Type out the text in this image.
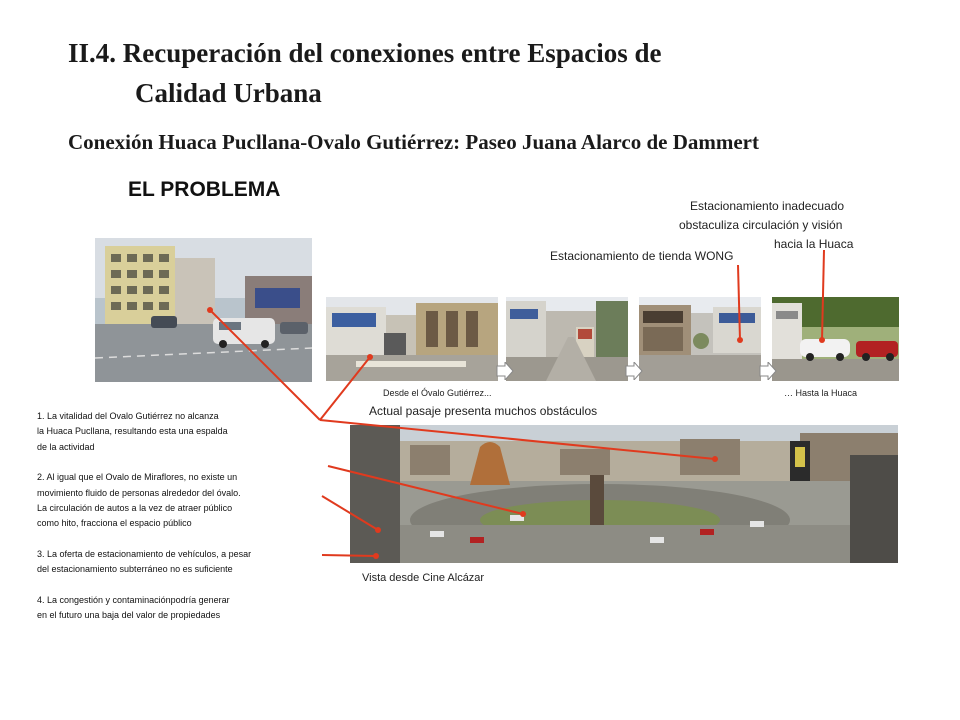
II.4. Recuperación del conexiones entre Espacios de
Calidad Urbana
Conexión Huaca Pucllana-Ovalo Gutiérrez: Paseo Juana Alarco de Dammert
EL PROBLEMA
Estacionamiento inadecuado
obstaculiza circulación y visión
hacia la Huaca
Estacionamiento de tienda WONG
Desde el Óvalo Gutiérrez...	… Hasta la Huaca
Actual pasaje presenta muchos obstáculos
Vista desde Cine Alcázar

1. La vitalidad del Ovalo Gutiérrez no alcanza
la Huaca Pucllana, resultando esta una espalda
de la actividad

2. Al igual que el Ovalo de Miraflores, no existe un
movimiento fluido de personas alrededor del óvalo.
La circulación de autos a la vez de atraer público
como hito, fracciona el espacio público

3. La oferta de estacionamiento de vehículos, a pesar
del estacionamiento subterráneo no es suficiente

4. La congestión y contaminaciónpodría generar
en el futuro una baja del valor de propiedades
